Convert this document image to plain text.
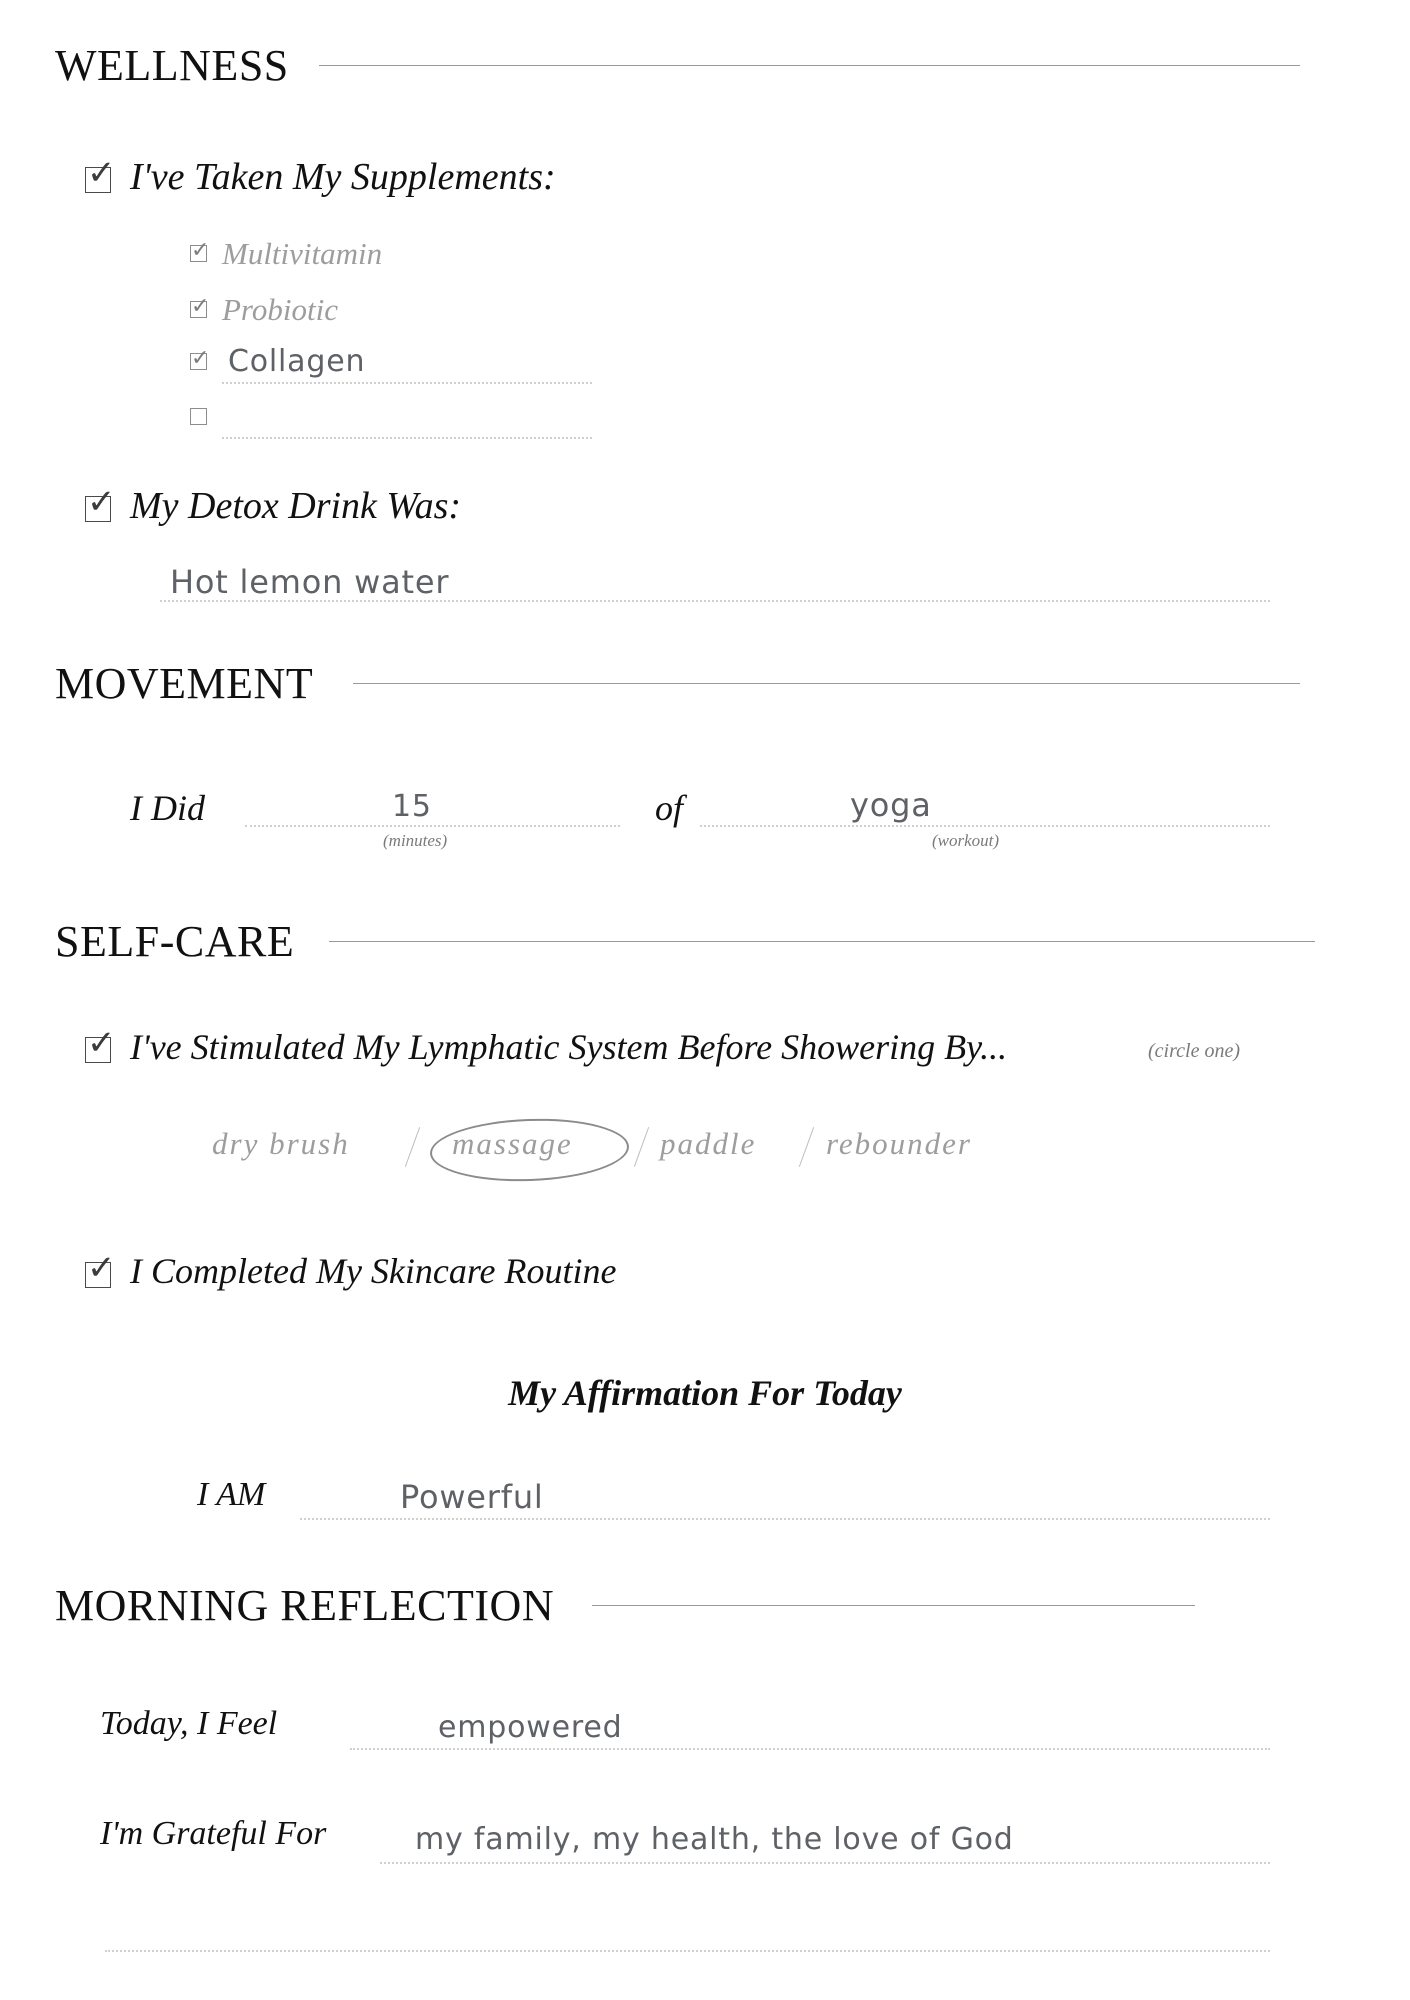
WELLNESS
✓ I've Taken My Supplements:
✓ Multivitamin
✓ Probiotic
✓ Collagen
✓ My Detox Drink Was:
Hot lemon water
MOVEMENT
I Did	15
(minutes)
of	yoga
(workout)
SELF-CARE
✓ I've Stimulated My Lymphatic System Before Showering By...	(circle one)
dry brush	massage	paddle rebounder
✓ I Completed My Skincare Routine
My Affirmation For Today
I AM	Powerful
MORNING REFLECTION
Today, I Feel	empowered
I'm Grateful For	my family, my health, the love of God
